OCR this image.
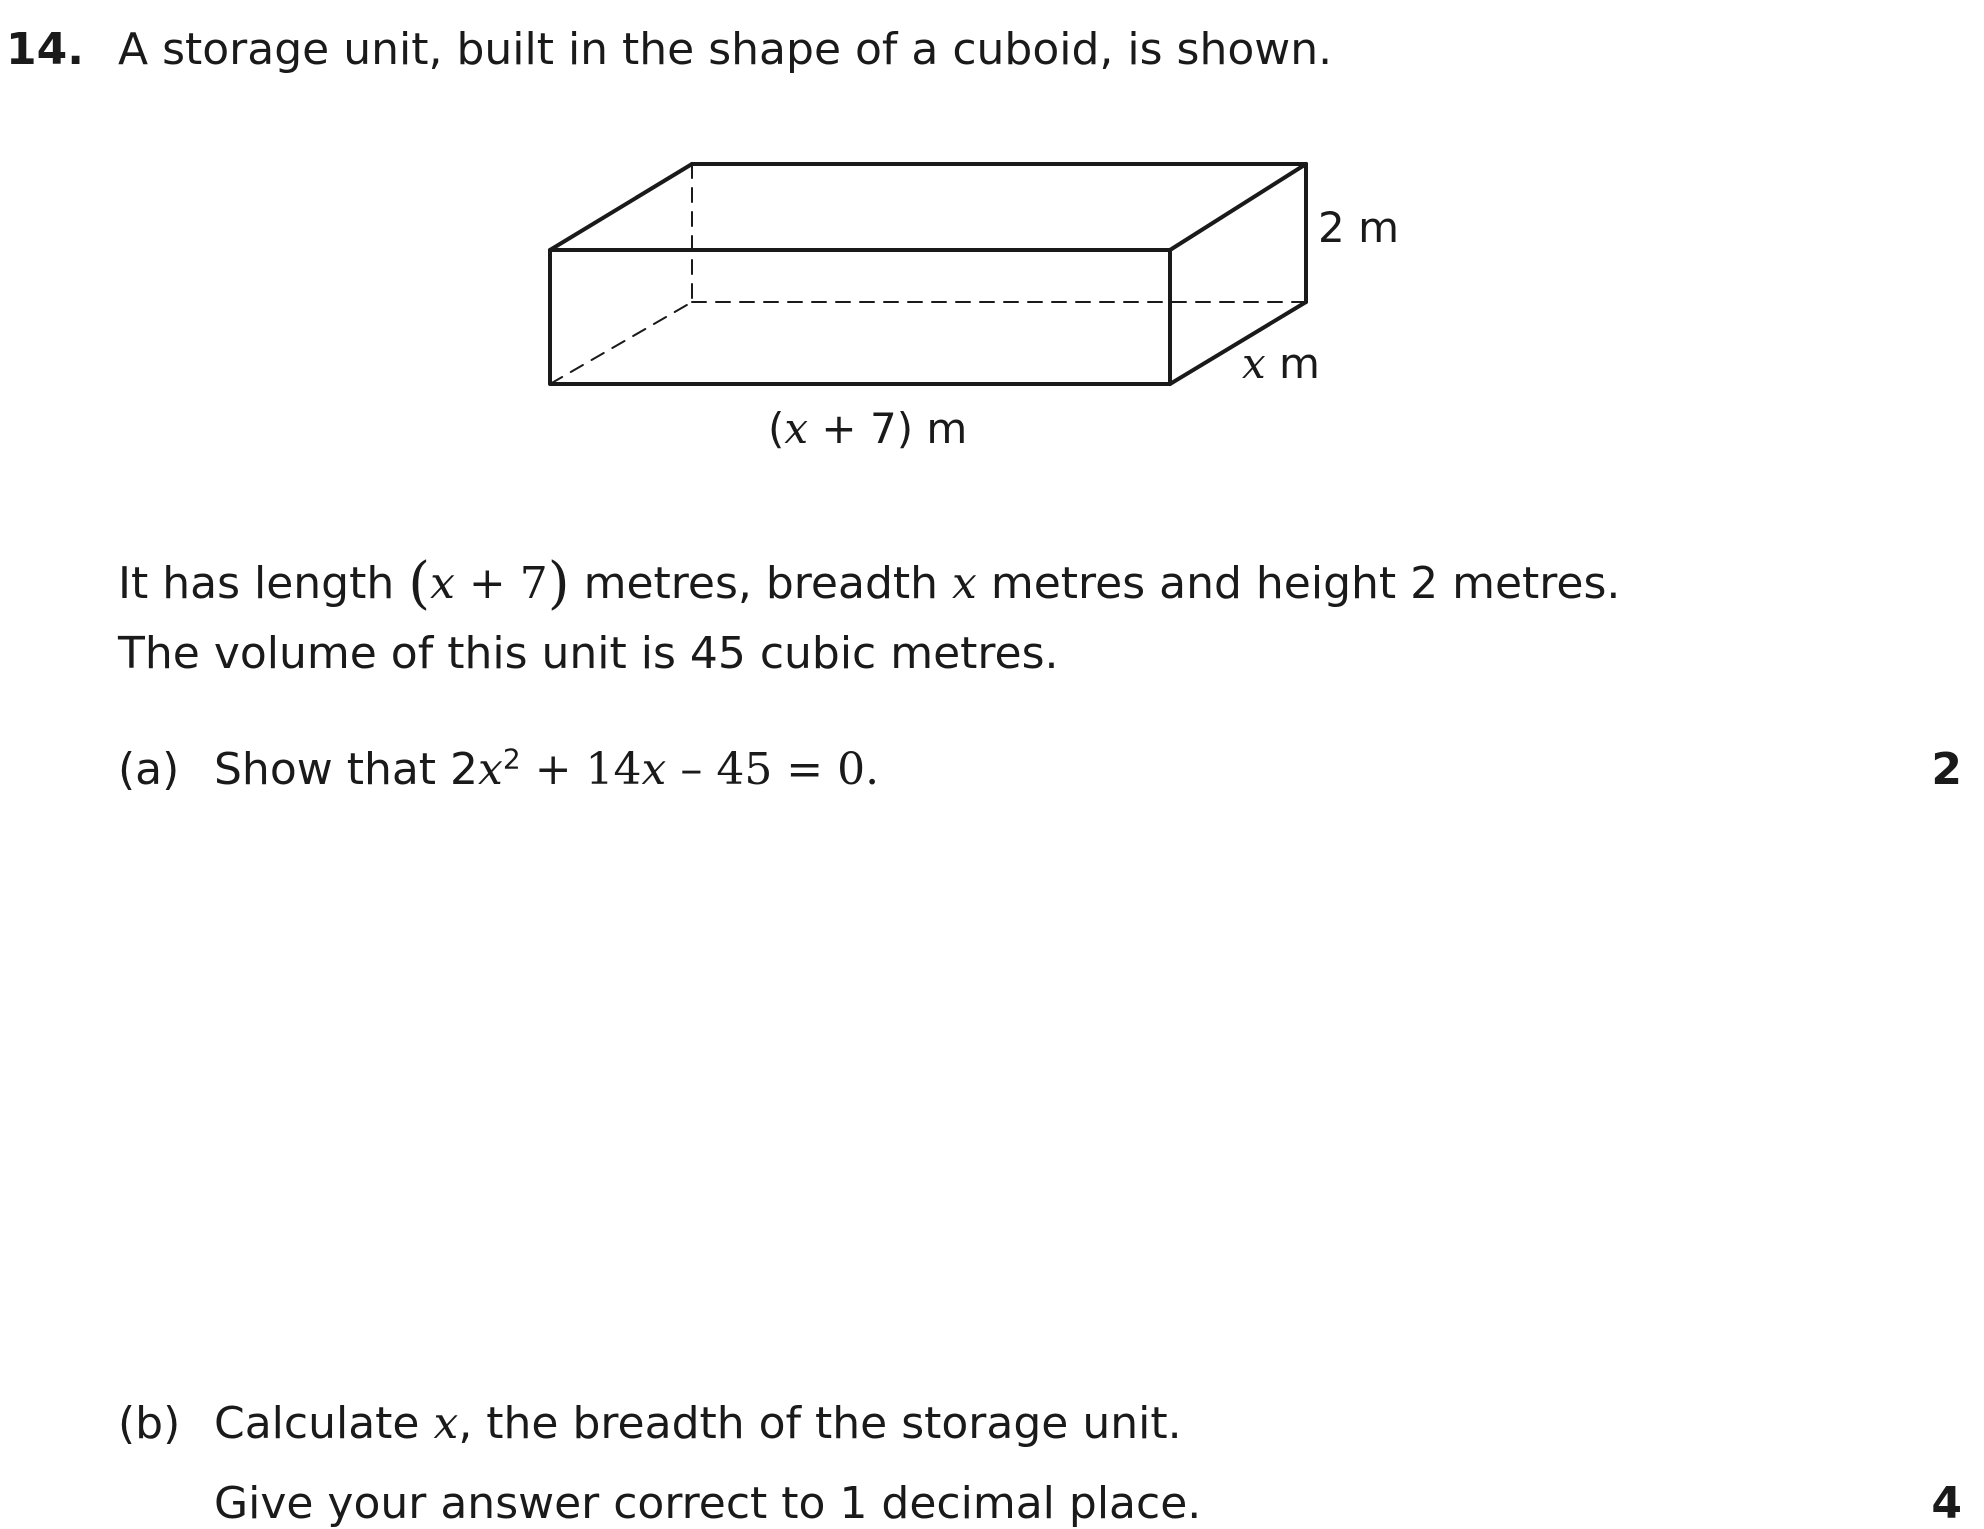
14. A storage unit, built in the shape of a cuboid, is shown.
2 m
x m
(x + 7) m
It has length (x + 7) metres, breadth x metres and height 2 metres.
The volume of this unit is 45 cubic metres.
(a) Show that $2x^2 + 14x - 45 = 0$.	2
(b) Calculate x, the breadth of the storage unit.
Give your answer correct to 1 decimal place.	4
